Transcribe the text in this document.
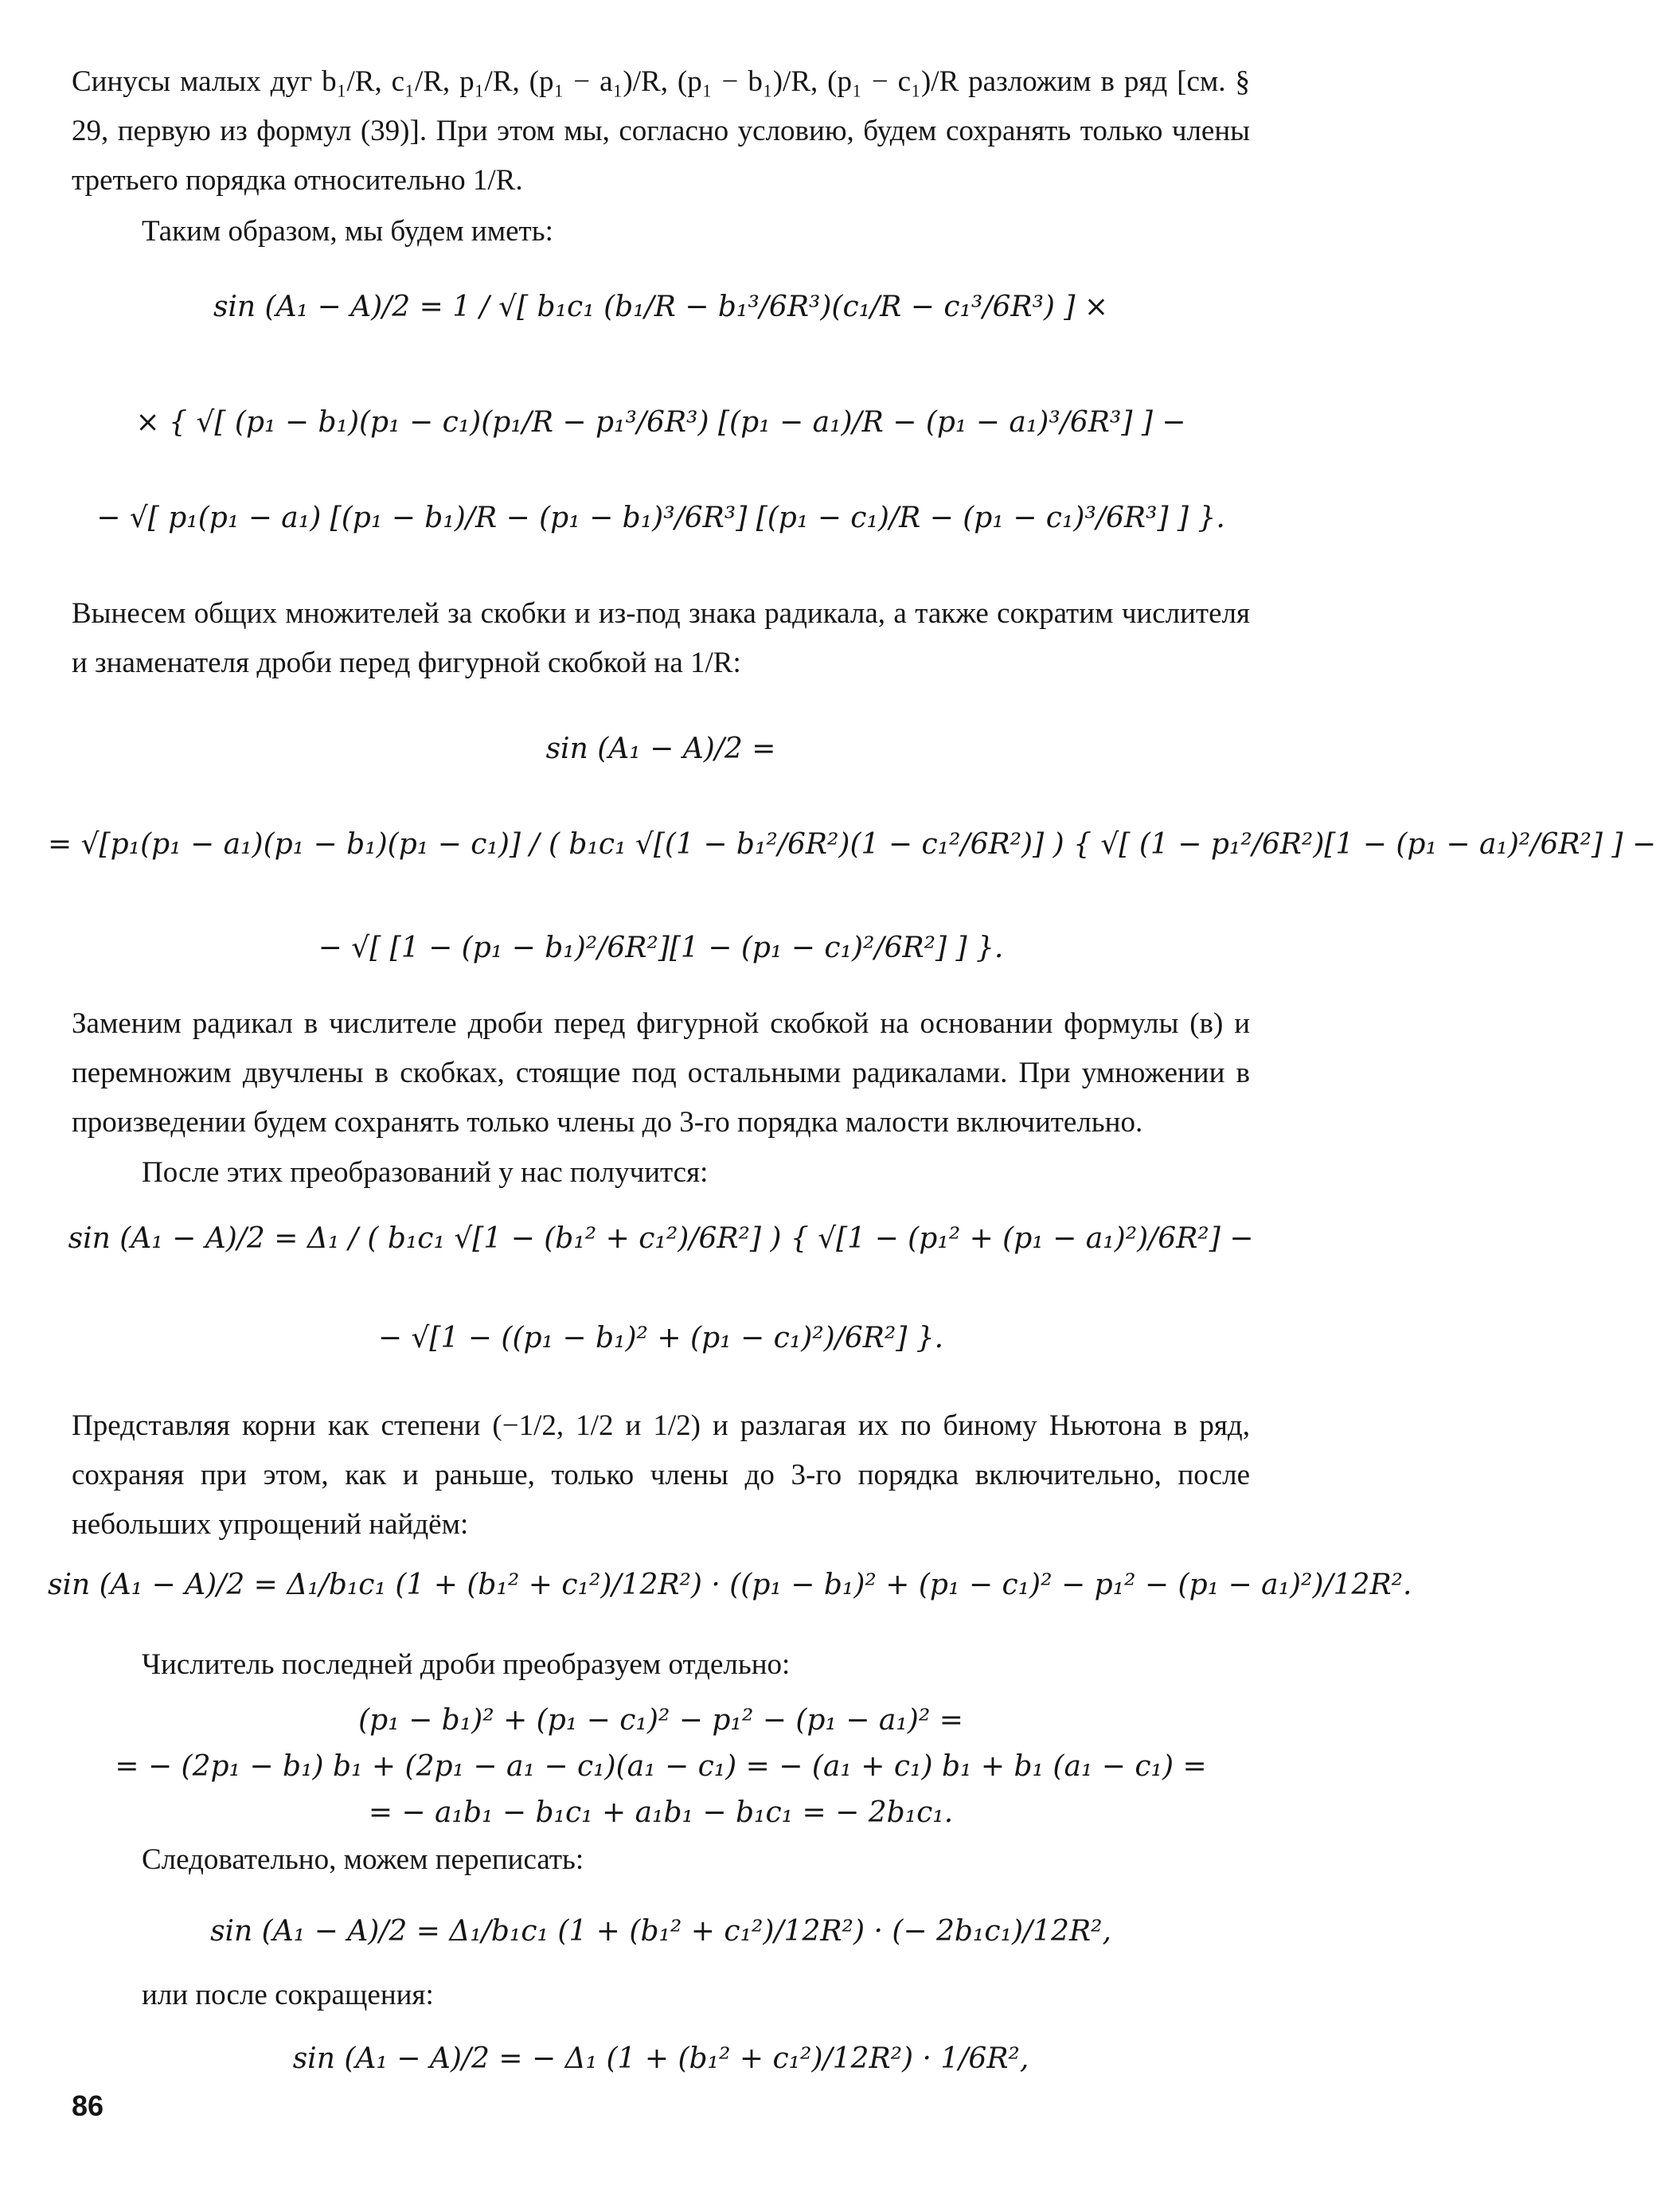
Синусы малых дуг b₁/R, c₁/R, p₁/R, (p₁ − a₁)/R, (p₁ − b₁)/R, (p₁ − c₁)/R разложим в ряд [см. § 29, первую из формул (39)]. При этом мы, согласно условию, будем сохранять только члены третьего порядка относительно 1/R.

Таким образом, мы будем иметь:

sin (A₁ − A)/2 = 1 / √[ b₁c₁ (b₁/R − b₁³/6R³)(c₁/R − c₁³/6R³) ] ×
× { √[ (p₁ − b₁)(p₁ − c₁)(p₁/R − p₁³/6R³) [(p₁ − a₁)/R − (p₁ − a₁)³/6R³] ] −
− √[ p₁(p₁ − a₁) [(p₁ − b₁)/R − (p₁ − b₁)³/6R³] [(p₁ − c₁)/R − (p₁ − c₁)³/6R³] ] }.

Вынесем общих множителей за скобки и из-под знака радикала, а также сократим числителя и знаменателя дроби перед фигурной скобкой на 1/R:

sin (A₁ − A)/2 =
= √[p₁(p₁ − a₁)(p₁ − b₁)(p₁ − c₁)] / ( b₁c₁ √[(1 − b₁²/6R²)(1 − c₁²/6R²)] ) { √[ (1 − p₁²/6R²)[1 − (p₁ − a₁)²/6R²] ] −
− √[ [1 − (p₁ − b₁)²/6R²][1 − (p₁ − c₁)²/6R²] ] }.

Заменим радикал в числителе дроби перед фигурной скобкой на основании формулы (в) и перемножим двучлены в скобках, стоящие под остальными радикалами. При умножении в произведении будем сохранять только члены до 3-го порядка малости включительно.

После этих преобразований у нас получится:

sin (A₁ − A)/2 = Δ₁ / ( b₁c₁ √[1 − (b₁² + c₁²)/6R²] ) { √[1 − (p₁² + (p₁ − a₁)²)/6R²] −
− √[1 − ((p₁ − b₁)² + (p₁ − c₁)²)/6R²] }.

Представляя корни как степени (−1/2, 1/2 и 1/2) и разлагая их по биному Ньютона в ряд, сохраняя при этом, как и раньше, только члены до 3-го порядка включительно, после небольших упрощений найдём:

sin (A₁ − A)/2 = Δ₁/b₁c₁ (1 + (b₁² + c₁²)/12R²) · ((p₁ − b₁)² + (p₁ − c₁)² − p₁² − (p₁ − a₁)²)/12R².

Числитель последней дроби преобразуем отдельно:

(p₁ − b₁)² + (p₁ − c₁)² − p₁² − (p₁ − a₁)² =
= − (2p₁ − b₁) b₁ + (2p₁ − a₁ − c₁)(a₁ − c₁) = − (a₁ + c₁) b₁ + b₁ (a₁ − c₁) =
= − a₁b₁ − b₁c₁ + a₁b₁ − b₁c₁ = − 2b₁c₁.

Следовательно, можем переписать:

sin (A₁ − A)/2 = Δ₁/b₁c₁ (1 + (b₁² + c₁²)/12R²) · (− 2b₁c₁)/12R²,

или после сокращения:

sin (A₁ − A)/2 = − Δ₁ (1 + (b₁² + c₁²)/12R²) · 1/6R²,
86
